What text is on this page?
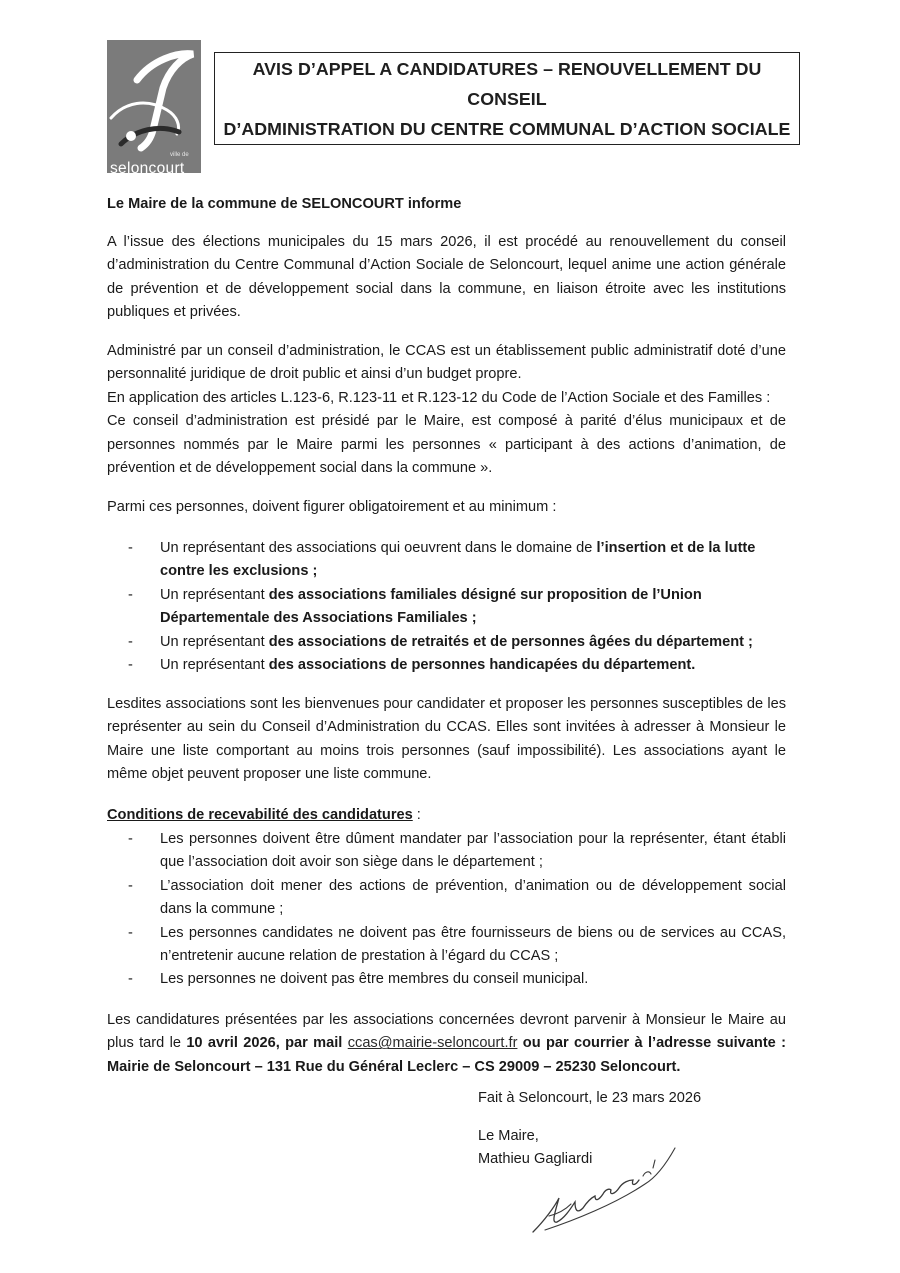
ville de
seloncourt
AVIS D’APPEL A CANDIDATURES – RENOUVELLEMENT DU CONSEIL
D’ADMINISTRATION DU CENTRE COMMUNAL D’ACTION SOCIALE

Le Maire de la commune de SELONCOURT informe

A l’issue des élections municipales du 15 mars 2026, il est procédé au renouvellement du conseil d’administration du Centre Communal d’Action Sociale de Seloncourt, lequel anime une action générale de prévention et de développement social dans la commune, en liaison étroite avec les institutions publiques et privées.

Administré par un conseil d’administration, le CCAS est un établissement public administratif doté d’une personnalité juridique de droit public et ainsi d’un budget propre.

En application des articles L.123-6, R.123-11 et R.123-12 du Code de l’Action Sociale et des Familles :

Ce conseil d’administration est présidé par le Maire, est composé à parité d’élus municipaux et de personnes nommés par le Maire parmi les personnes « participant à des actions d’animation, de prévention et de développement social dans la commune ».

Parmi ces personnes, doivent figurer obligatoirement et au minimum :

- Un représentant des associations qui oeuvrent dans le domaine de l’insertion et de la lutte contre les exclusions ;
- Un représentant des associations familiales désigné sur proposition de l’Union Départementale des Associations Familiales ;
- Un représentant des associations de retraités et de personnes âgées du département ;
- Un représentant des associations de personnes handicapées du département.

Lesdites associations sont les bienvenues pour candidater et proposer les personnes susceptibles de les représenter au sein du Conseil d’Administration du CCAS. Elles sont invitées à adresser à Monsieur le Maire une liste comportant au moins trois personnes (sauf impossibilité). Les associations ayant le même objet peuvent proposer une liste commune.

Conditions de recevabilité des candidatures :

- Les personnes doivent être dûment mandater par l’association pour la représenter, étant établi que l’association doit avoir son siège dans le département ;
- L’association doit mener des actions de prévention, d’animation ou de développement social dans la commune ;
- Les personnes candidates ne doivent pas être fournisseurs de biens ou de services au CCAS, n’entretenir aucune relation de prestation à l’égard du CCAS ;
- Les personnes ne doivent pas être membres du conseil municipal.

Les candidatures présentées par les associations concernées devront parvenir à Monsieur le Maire au plus tard le 10 avril 2026, par mail ccas@mairie-seloncourt.fr ou par courrier à l’adresse suivante : Mairie de Seloncourt – 131 Rue du Général Leclerc – CS 29009 – 25230 Seloncourt.

Fait à Seloncourt, le 23 mars 2026
Le Maire,
Mathieu Gagliardi
